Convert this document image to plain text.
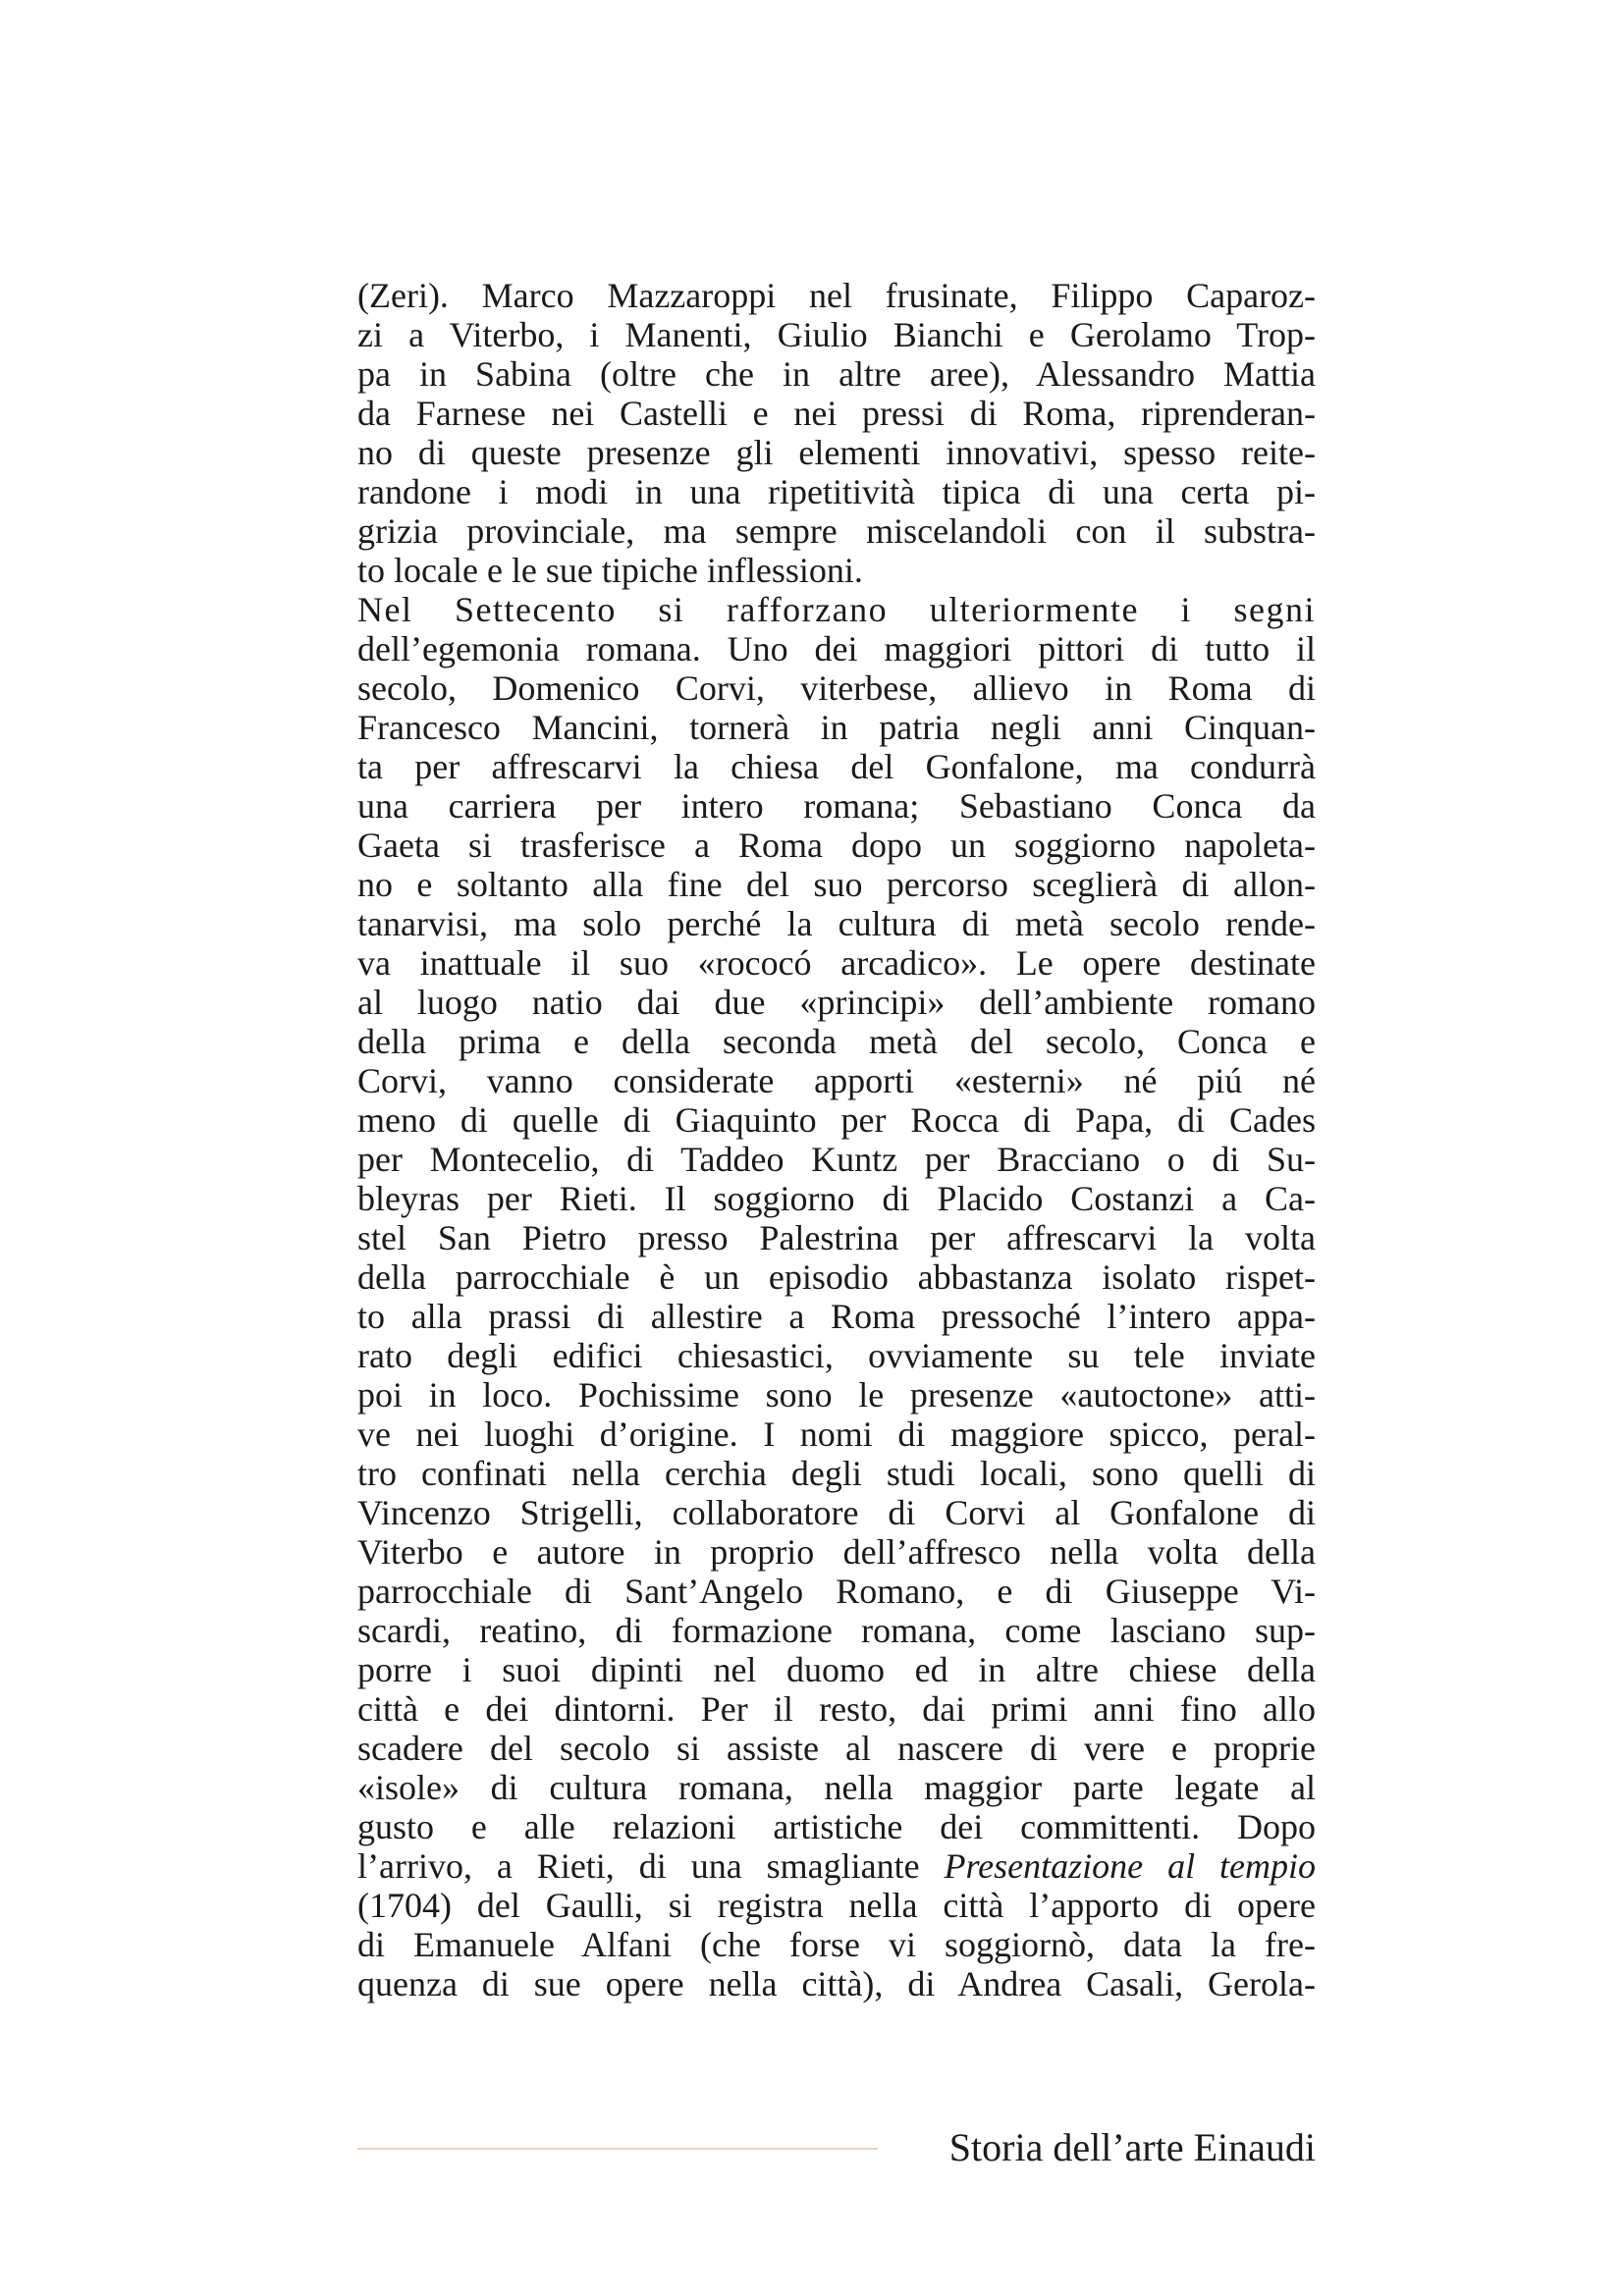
(Zeri). Marco Mazzaroppi nel frusinate, Filippo Caparoz-
zi a Viterbo, i Manenti, Giulio Bianchi e Gerolamo Trop-
pa in Sabina (oltre che in altre aree), Alessandro Mattia
da Farnese nei Castelli e nei pressi di Roma, riprenderan-
no di queste presenze gli elementi innovativi, spesso reite-
randone i modi in una ripetitività tipica di una certa pi-
grizia provinciale, ma sempre miscelandoli con il substra-
to locale e le sue tipiche inflessioni.
Nel Settecento si rafforzano ulteriormente i segni
dell’egemonia romana. Uno dei maggiori pittori di tutto il
secolo, Domenico Corvi, viterbese, allievo in Roma di
Francesco Mancini, tornerà in patria negli anni Cinquan-
ta per affrescarvi la chiesa del Gonfalone, ma condurrà
una carriera per intero romana; Sebastiano Conca da
Gaeta si trasferisce a Roma dopo un soggiorno napoleta-
no e soltanto alla fine del suo percorso sceglierà di allon-
tanarvisi, ma solo perché la cultura di metà secolo rende-
va inattuale il suo «rococó arcadico». Le opere destinate
al luogo natio dai due «principi» dell’ambiente romano
della prima e della seconda metà del secolo, Conca e
Corvi, vanno considerate apporti «esterni» né piú né
meno di quelle di Giaquinto per Rocca di Papa, di Cades
per Montecelio, di Taddeo Kuntz per Bracciano o di Su-
bleyras per Rieti. Il soggiorno di Placido Costanzi a Ca-
stel San Pietro presso Palestrina per affrescarvi la volta
della parrocchiale è un episodio abbastanza isolato rispet-
to alla prassi di allestire a Roma pressoché l’intero appa-
rato degli edifici chiesastici, ovviamente su tele inviate
poi in loco. Pochissime sono le presenze «autoctone» atti-
ve nei luoghi d’origine. I nomi di maggiore spicco, peral-
tro confinati nella cerchia degli studi locali, sono quelli di
Vincenzo Strigelli, collaboratore di Corvi al Gonfalone di
Viterbo e autore in proprio dell’affresco nella volta della
parrocchiale di Sant’Angelo Romano, e di Giuseppe Vi-
scardi, reatino, di formazione romana, come lasciano sup-
porre i suoi dipinti nel duomo ed in altre chiese della
città e dei dintorni. Per il resto, dai primi anni fino allo
scadere del secolo si assiste al nascere di vere e proprie
«isole» di cultura romana, nella maggior parte legate al
gusto e alle relazioni artistiche dei committenti. Dopo
l’arrivo, a Rieti, di una smagliante Presentazione al tempio
(1704) del Gaulli, si registra nella città l’apporto di opere
di Emanuele Alfani (che forse vi soggiornò, data la fre-
quenza di sue opere nella città), di Andrea Casali, Gerola-
Storia dell’arte Einaudi
